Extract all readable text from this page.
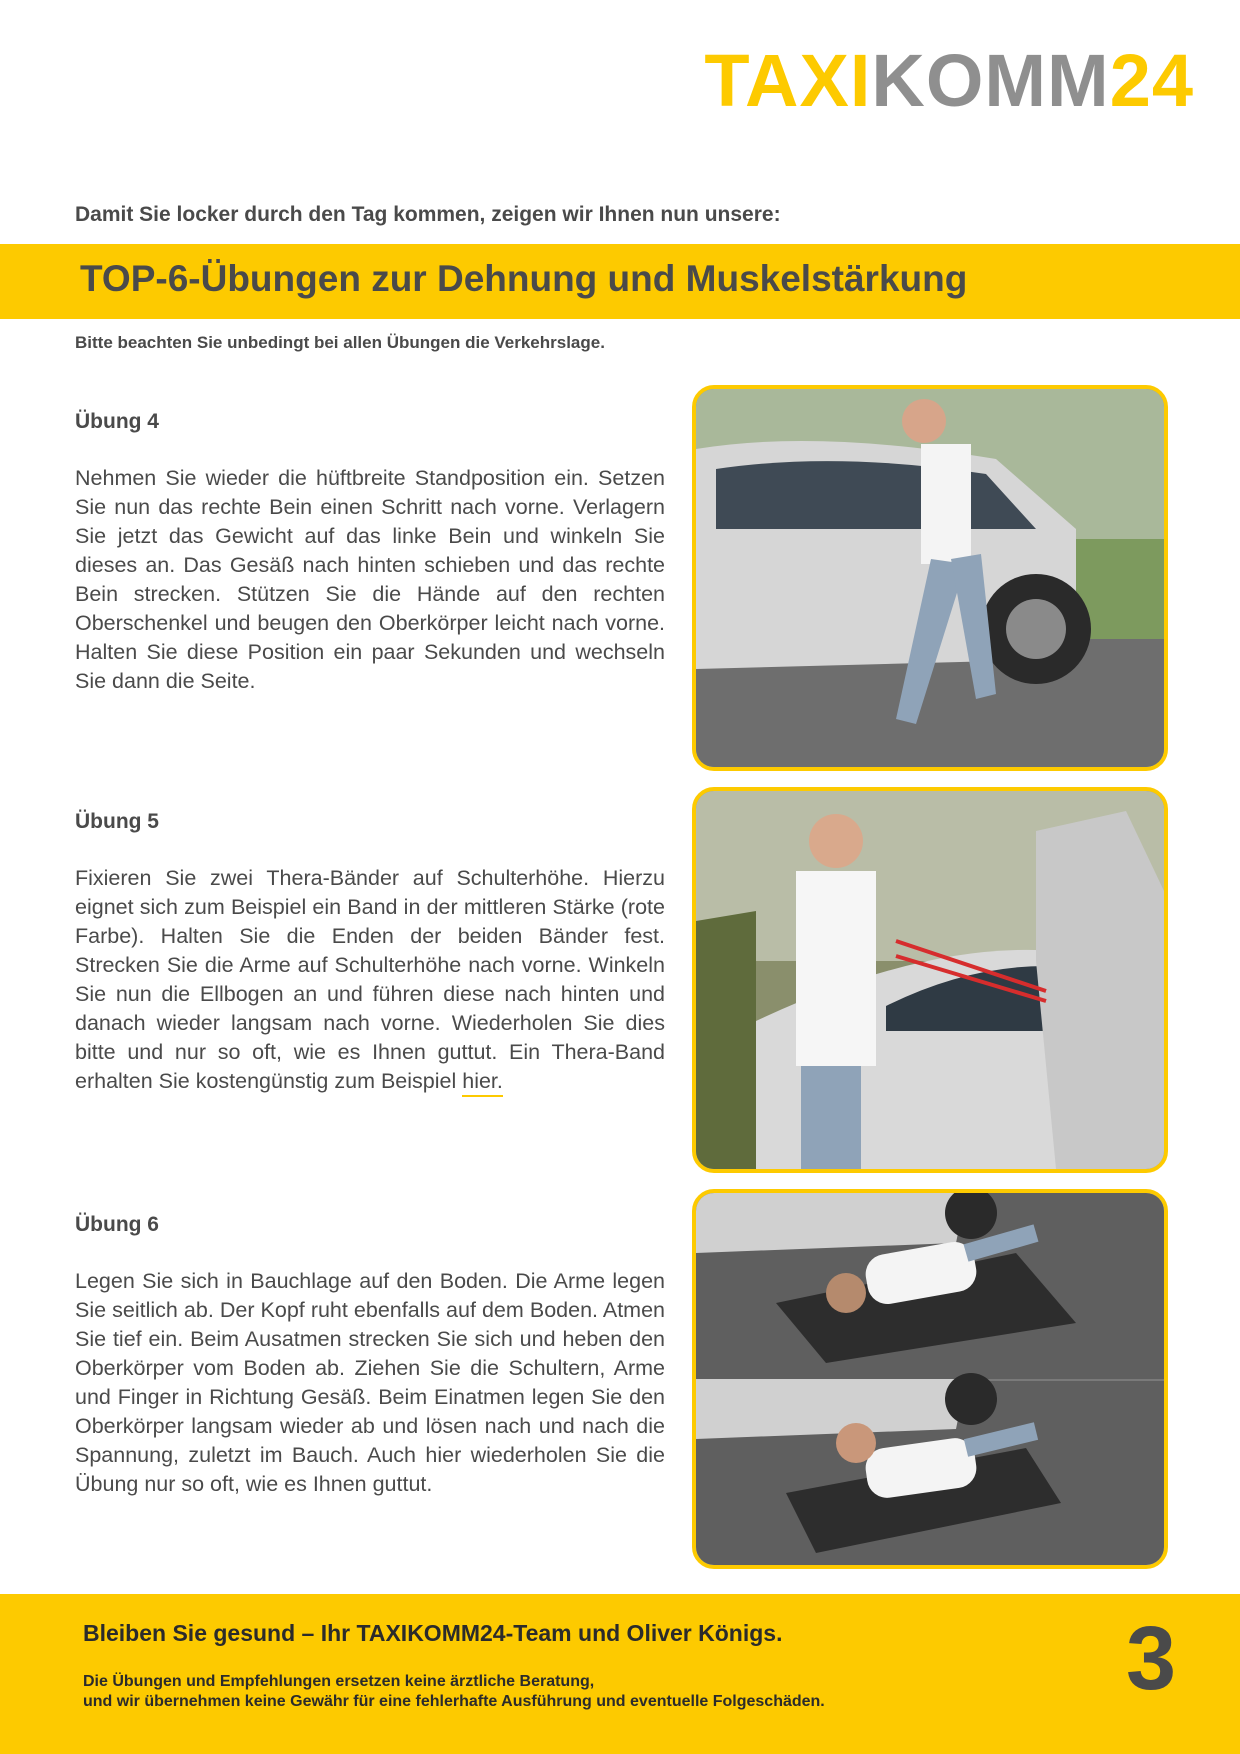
TAXIKOMM24
Damit Sie locker durch den Tag kommen, zeigen wir Ihnen nun unsere:
TOP-6-Übungen zur Dehnung und Muskelstärkung
Bitte beachten Sie unbedingt bei allen Übungen die Verkehrslage.
Übung 4

Nehmen Sie wieder die hüftbreite Standposition ein. Setzen Sie nun das rechte Bein einen Schritt nach vorne. Verlagern Sie jetzt das Gewicht auf das linke Bein und winkeln Sie dieses an. Das Gesäß nach hinten schieben und das rechte Bein strecken. Stützen Sie die Hände auf den rechten Oberschenkel und beugen den Oberkörper leicht nach vorne. Halten Sie diese Position ein paar Sekunden und wechseln Sie dann die Seite.

Übung 5

Fixieren Sie zwei Thera-Bänder auf Schulterhöhe. Hierzu eignet sich zum Beispiel ein Band in der mittleren Stärke (rote Farbe). Halten Sie die Enden der beiden Bänder fest. Strecken Sie die Arme auf Schulterhöhe nach vorne. Winkeln Sie nun die Ellbogen an und führen diese nach hinten und danach wieder langsam nach vorne. Wiederholen Sie dies bitte und nur so oft, wie es Ihnen guttut. Ein Thera-Band erhalten Sie kostengünstig zum Beispiel hier.

Übung 6

Legen Sie sich in Bauchlage auf den Boden. Die Arme legen Sie seitlich ab. Der Kopf ruht ebenfalls auf dem Boden. Atmen Sie tief ein. Beim Ausatmen strecken Sie sich und heben den Oberkörper vom Boden ab. Ziehen Sie die Schultern, Arme und Finger in Richtung Gesäß. Beim Einatmen legen Sie den Oberkörper langsam wieder ab und lösen nach und nach die Spannung, zuletzt im Bauch. Auch hier wiederholen Sie die Übung nur so oft, wie es Ihnen guttut.

Bleiben Sie gesund – Ihr TAXIKOMM24-Team und Oliver Königs.
Die Übungen und Empfehlungen ersetzen keine ärztliche Beratung,
und wir übernehmen keine Gewähr für eine fehlerhafte Ausführung und eventuelle Folgeschäden.	3
